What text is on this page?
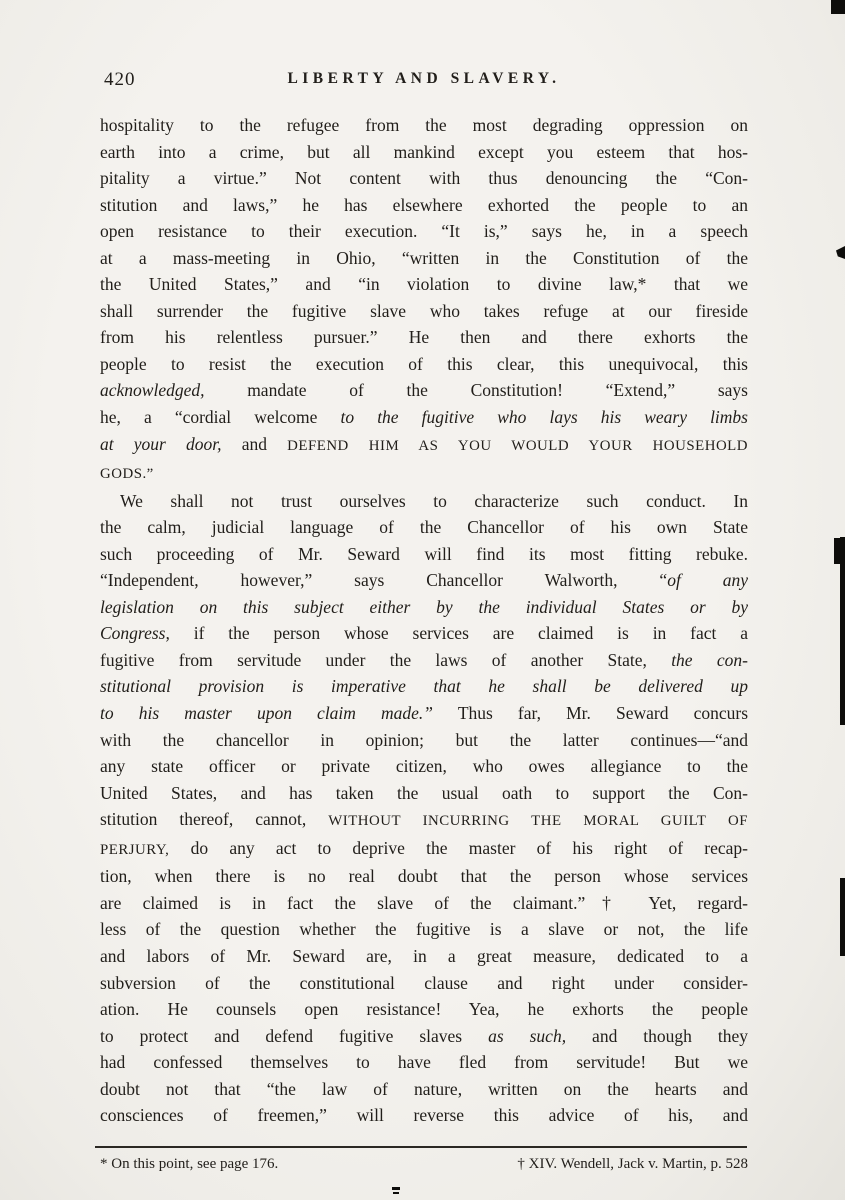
420	LIBERTY AND SLAVERY.
hospitality to the refugee from the most degrading oppression on
earth into a crime, but all mankind except you esteem that hos-
pitality a virtue.” Not content with thus denouncing the “Con-
stitution and laws,” he has elsewhere exhorted the people to an
open resistance to their execution. “It is,” says he, in a speech
at a mass-meeting in Ohio, “written in the Constitution of the
the United States,” and “in violation to divine law,* that we
shall surrender the fugitive slave who takes refuge at our fireside
from his relentless pursuer.” He then and there exhorts the
people to resist the execution of this clear, this unequivocal, this
acknowledged, mandate of the Constitution! “Extend,” says
he, a “cordial welcome to the fugitive who lays his weary limbs
at your door, and DEFEND HIM AS YOU WOULD YOUR HOUSEHOLD
GODS.”
We shall not trust ourselves to characterize such conduct. In
the calm, judicial language of the Chancellor of his own State
such proceeding of Mr. Seward will find its most fitting rebuke.
“Independent, however,” says Chancellor Walworth, “of any
legislation on this subject either by the individual States or by
Congress, if the person whose services are claimed is in fact a
fugitive from servitude under the laws of another State, the con-
stitutional provision is imperative that he shall be delivered up
to his master upon claim made.” Thus far, Mr. Seward concurs
with the chancellor in opinion; but the latter continues—“and
any state officer or private citizen, who owes allegiance to the
United States, and has taken the usual oath to support the Con-
stitution thereof, cannot, WITHOUT INCURRING THE MORAL GUILT OF
PERJURY, do any act to deprive the master of his right of recap-
tion, when there is no real doubt that the person whose services
are claimed is in fact the slave of the claimant.”† Yet, regard-
less of the question whether the fugitive is a slave or not, the life
and labors of Mr. Seward are, in a great measure, dedicated to a
subversion of the constitutional clause and right under consider-
ation. He counsels open resistance! Yea, he exhorts the people
to protect and defend fugitive slaves as such, and though they
had confessed themselves to have fled from servitude! But we
doubt not that “the law of nature, written on the hearts and
consciences of freemen,” will reverse this advice of his, and
* On this point, see page 176.	† XIV. Wendell, Jack v. Martin, p. 528
